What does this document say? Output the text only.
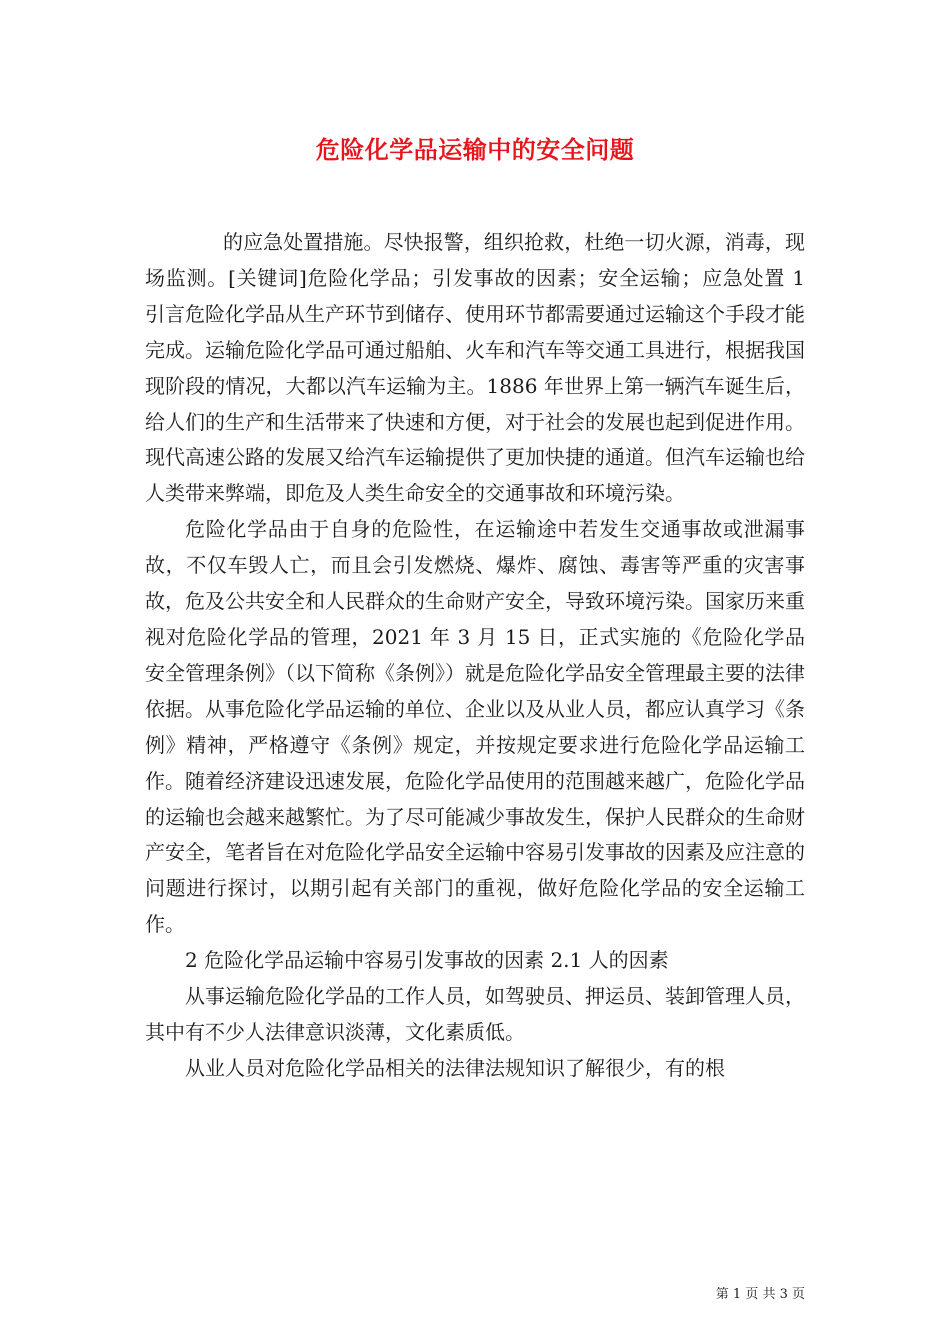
危险化学品运输中的安全问题

的应急处置措施。尽快报警，组织抢救，杜绝一切火源，消毒，现场监测。[关键词]危险化学品；引发事故的因素；安全运输；应急处置 1 引言危险化学品从生产环节到储存、使用环节都需要通过运输这个手段才能完成。运输危险化学品可通过船舶、火车和汽车等交通工具进行，根据我国现阶段的情况，大都以汽车运输为主。1886 年世界上第一辆汽车诞生后，给人们的生产和生活带来了快速和方便，对于社会的发展也起到促进作用。现代高速公路的发展又给汽车运输提供了更加快捷的通道。但汽车运输也给人类带来弊端，即危及人类生命安全的交通事故和环境污染。

危险化学品由于自身的危险性，在运输途中若发生交通事故或泄漏事故，不仅车毁人亡，而且会引发燃烧、爆炸、腐蚀、毒害等严重的灾害事故，危及公共安全和人民群众的生命财产安全，导致环境污染。国家历来重视对危险化学品的管理，2021 年 3 月 15 日，正式实施的《危险化学品安全管理条例》（以下简称《条例》）就是危险化学品安全管理最主要的法律依据。从事危险化学品运输的单位、企业以及从业人员，都应认真学习《条例》精神，严格遵守《条例》规定，并按规定要求进行危险化学品运输工作。随着经济建设迅速发展，危险化学品使用的范围越来越广，危险化学品的运输也会越来越繁忙。为了尽可能减少事故发生，保护人民群众的生命财产安全，笔者旨在对危险化学品安全运输中容易引发事故的因素及应注意的问题进行探讨，以期引起有关部门的重视，做好危险化学品的安全运输工作。

2 危险化学品运输中容易引发事故的因素 2.1 人的因素

从事运输危险化学品的工作人员，如驾驶员、押运员、装卸管理人员，其中有不少人法律意识淡薄，文化素质低。

从业人员对危险化学品相关的法律法规知识了解很少，有的根

第 1 页 共 3 页
